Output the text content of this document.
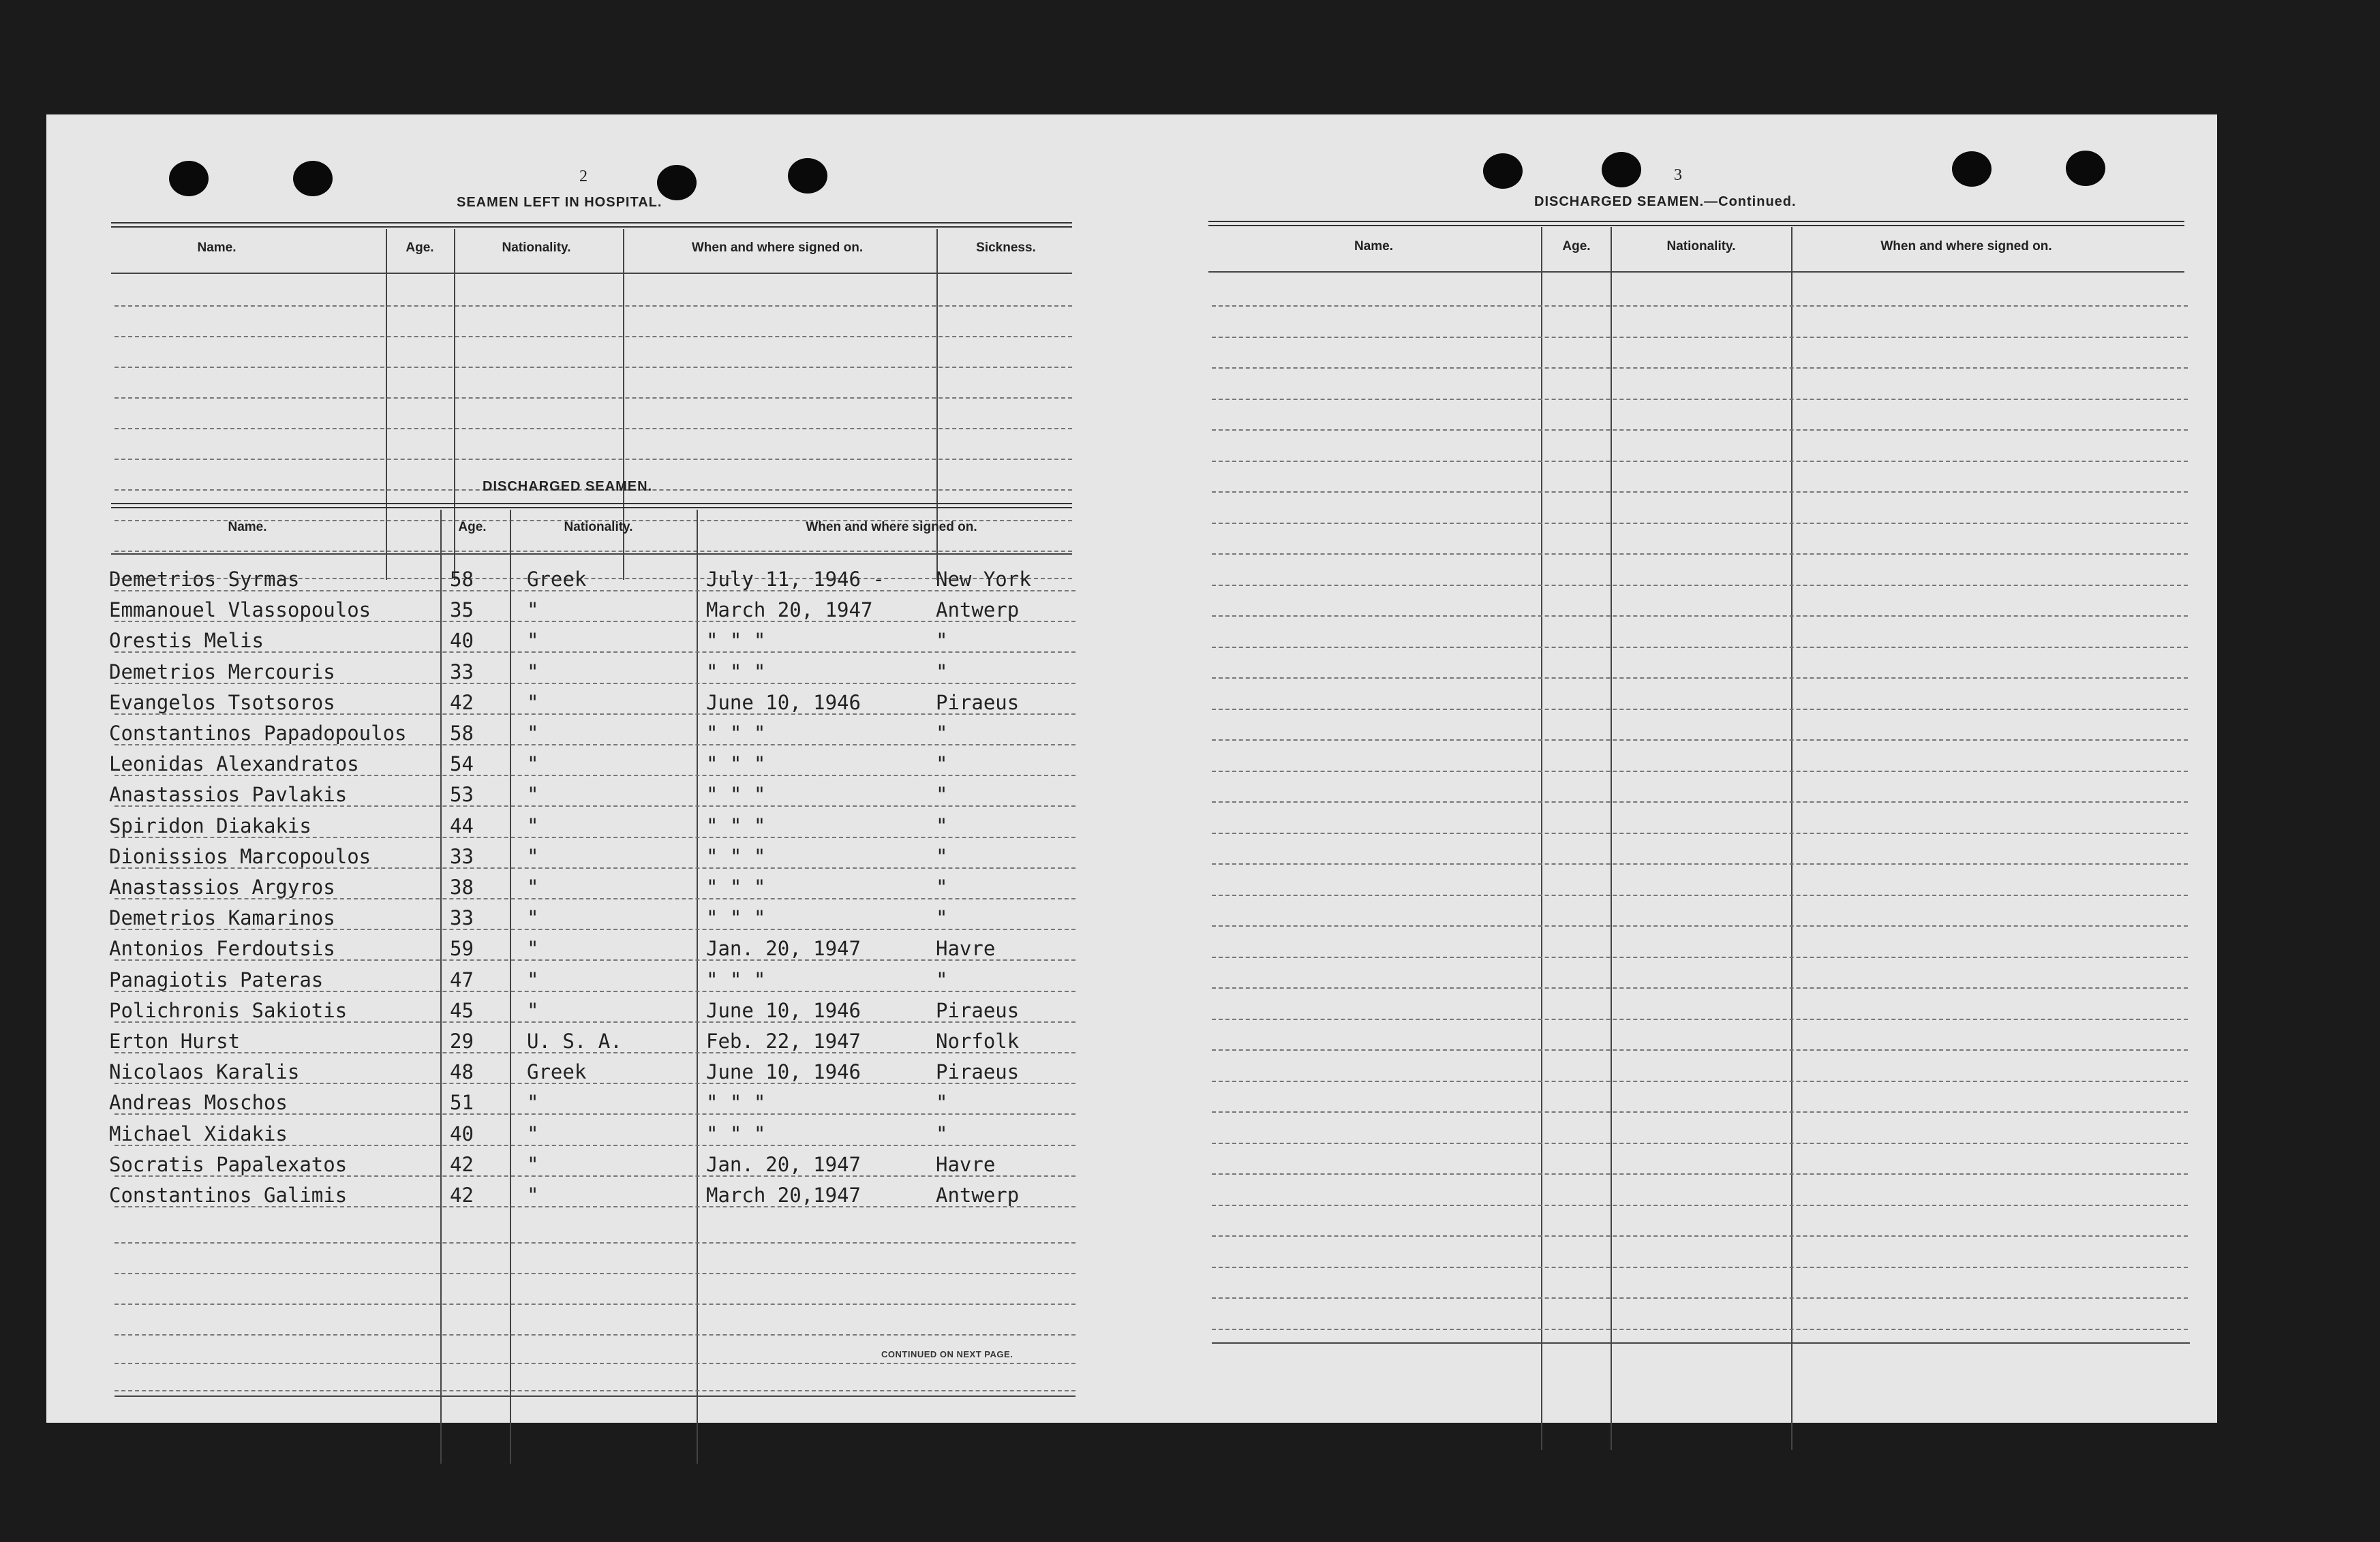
2
SEAMEN LEFT IN HOSPITAL.
Name.	Age.	Nationality.	When and where signed on.	Sickness.
DISCHARGED SEAMEN.
Name.	Age.	Nationality.	When and where signed on.
Demetrios Syrmas	58	Greek	July 11, 1946 -	New York
Emmanouel Vlassopoulos	35	"	March 20, 1947	Antwerp
Orestis Melis	40	"	" " "	"
Demetrios Mercouris	33	"	" " "	"
Evangelos Tsotsoros	42	"	June 10, 1946	Piraeus
Constantinos Papadopoulos 58	"	" " "	"
Leonidas Alexandratos	54	"	" " "	"
Anastassios Pavlakis	53	"	" " "	"
Spiridon Diakakis	44	"	" " "	"
Dionissios Marcopoulos	33	"	" " "	"
Anastassios Argyros	38	"	" " "	"
Demetrios Kamarinos	33	"	" " "	"
Antonios Ferdoutsis	59	"	Jan. 20, 1947	Havre
Panagiotis Pateras	47	"	" " "	"
Polichronis Sakiotis	45	"	June 10, 1946	Piraeus
Erton Hurst	29	U. S. A.	Feb. 22, 1947	Norfolk
Nicolaos Karalis	48	Greek	June 10, 1946	Piraeus
Andreas Moschos	51	"	" " "	"
Michael Xidakis	40	"	" " "	"
Socratis Papalexatos	42	"	Jan. 20, 1947	Havre
Constantinos Galimis	42	"	March 20,1947	Antwerp
CONTINUED ON NEXT PAGE.
3
DISCHARGED SEAMEN.—Continued.
Name.	Age.	Nationality.	When and where signed on.
